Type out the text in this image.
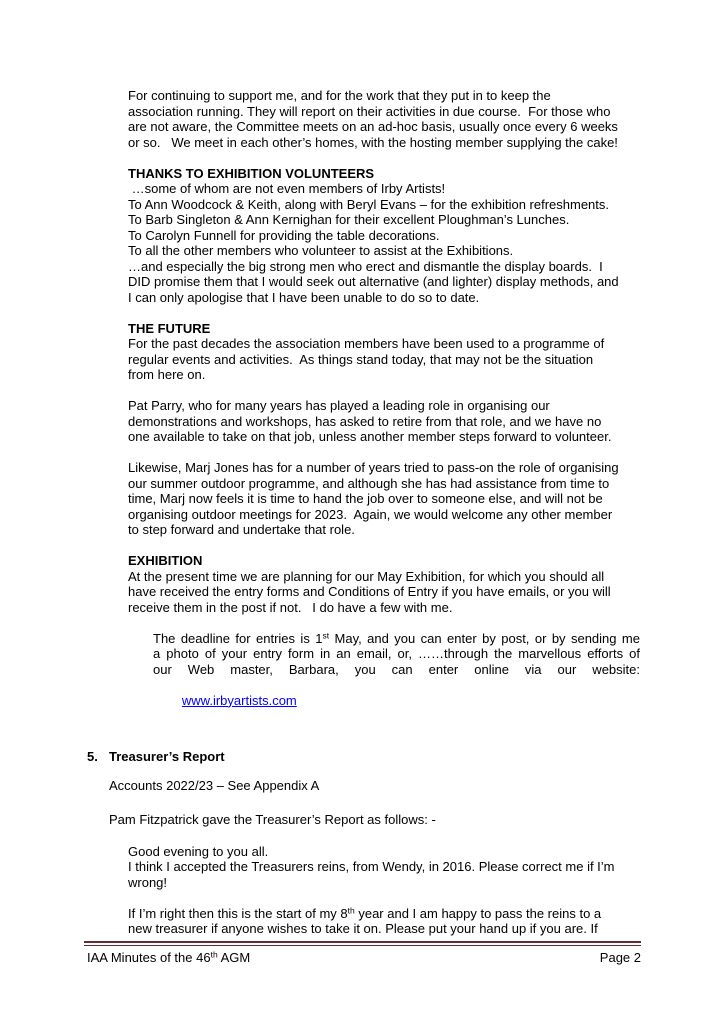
For continuing to support me, and for the work that they put in to keep the
association running. They will report on their activities in due course.  For those who
are not aware, the Committee meets on an ad-hoc basis, usually once every 6 weeks
or so.   We meet in each other’s homes, with the hosting member supplying the cake!
THANKS TO EXHIBITION VOLUNTEERS
…some of whom are not even members of Irby Artists!
To Ann Woodcock & Keith, along with Beryl Evans – for the exhibition refreshments.
To Barb Singleton & Ann Kernighan for their excellent Ploughman’s Lunches.
To Carolyn Funnell for providing the table decorations.
To all the other members who volunteer to assist at the Exhibitions.
…and especially the big strong men who erect and dismantle the display boards.  I
DID promise them that I would seek out alternative (and lighter) display methods, and
I can only apologise that I have been unable to do so to date.
THE FUTURE
For the past decades the association members have been used to a programme of
regular events and activities.  As things stand today, that may not be the situation
from here on.
Pat Parry, who for many years has played a leading role in organising our
demonstrations and workshops, has asked to retire from that role, and we have no
one available to take on that job, unless another member steps forward to volunteer.
Likewise, Marj Jones has for a number of years tried to pass-on the role of organising
our summer outdoor programme, and although she has had assistance from time to
time, Marj now feels it is time to hand the job over to someone else, and will not be
organising outdoor meetings for 2023.  Again, we would welcome any other member
to step forward and undertake that role.
EXHIBITION
At the present time we are planning for our May Exhibition, for which you should all
have received the entry forms and Conditions of Entry if you have emails, or you will
receive them in the post if not.   I do have a few with me.
The deadline for entries is 1st May, and you can enter by post, or by sending me
a photo of your entry form in an email, or, ……through the marvellous efforts of
our Web master, Barbara, you can enter online via our website:

www.irbyartists.com

5. Treasurer’s Report
Accounts 2022/23 – See Appendix A
Pam Fitzpatrick gave the Treasurer’s Report as follows: -
Good evening to you all.
I think I accepted the Treasurers reins, from Wendy, in 2016. Please correct me if I’m
wrong!
If I’m right then this is the start of my 8th year and I am happy to pass the reins to a
new treasurer if anyone wishes to take it on. Please put your hand up if you are. If
IAA Minutes of the 46th AGM	Page 2
